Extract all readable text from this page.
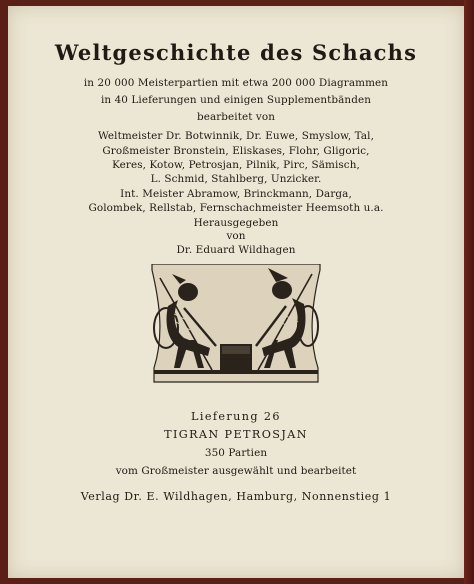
Weltgeschichte des Schachs
in 20 000 Meisterpartien mit etwa 200 000 Diagrammen
in 40 Lieferungen und einigen Supplementbänden
bearbeitet von
Weltmeister Dr. Botwinnik, Dr. Euwe, Smyslow, Tal,
Großmeister Bronstein, Eliskases, Flohr, Gligoric,
Keres, Kotow, Petrosjan, Pilnik, Pirc, Sämisch,
L. Schmid, Stahlberg, Unzicker.
Int. Meister Abramow, Brinckmann, Darga,
Golombek, Rellstab, Fernschachmeister Heemsoth u.a.
Herausgegeben
von
Dr. Eduard Wildhagen
Lieferung 26
TIGRAN PETROSJAN
350 Partien
vom Großmeister ausgewählt und bearbeitet
Verlag Dr. E. Wildhagen, Hamburg, Nonnenstieg 1
